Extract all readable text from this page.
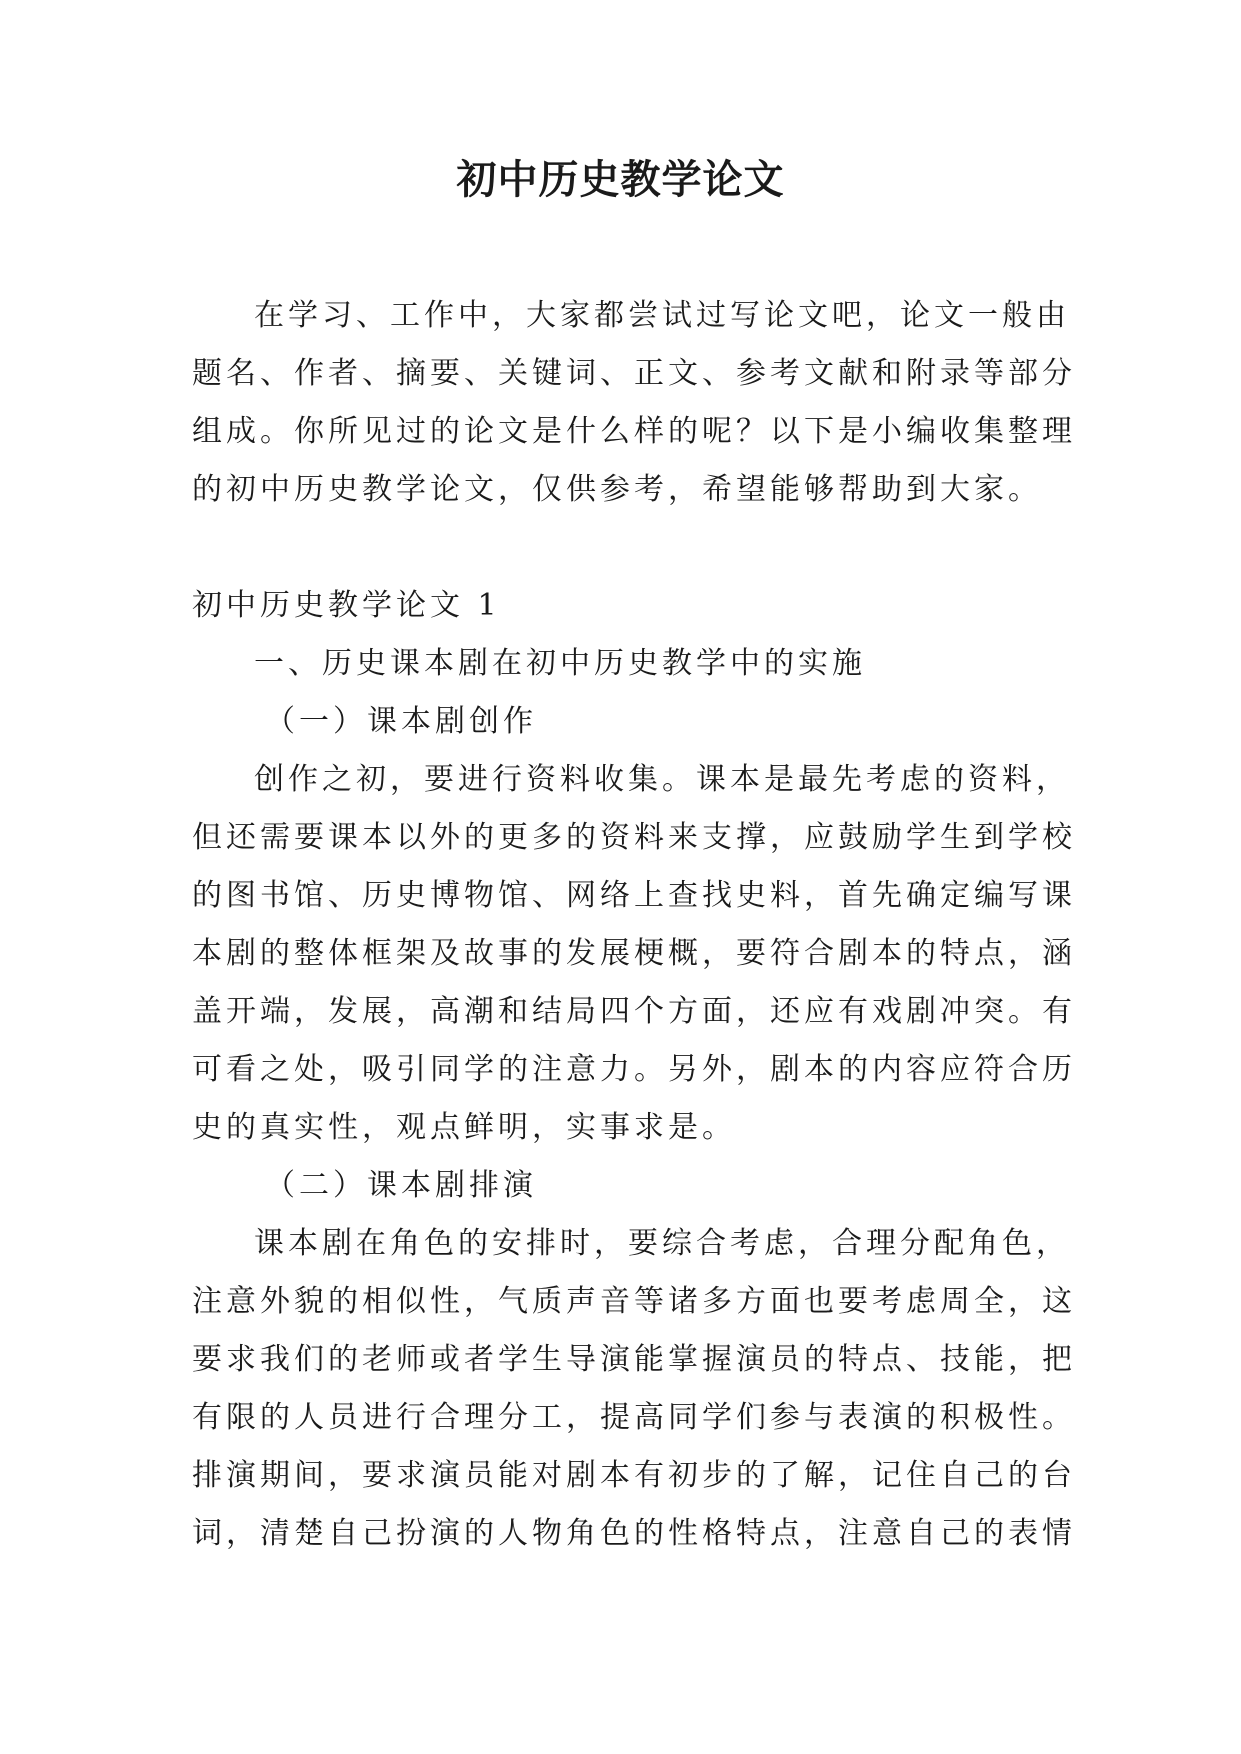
初中历史教学论文
在学习、工作中，大家都尝试过写论文吧，论文一般由
题名、作者、摘要、关键词、正文、参考文献和附录等部分
组成。你所见过的论文是什么样的呢？以下是小编收集整理
的初中历史教学论文，仅供参考，希望能够帮助到大家。
初中历史教学论文 1
一、历史课本剧在初中历史教学中的实施
（一）课本剧创作
创作之初，要进行资料收集。课本是最先考虑的资料，
但还需要课本以外的更多的资料来支撑，应鼓励学生到学校
的图书馆、历史博物馆、网络上查找史料，首先确定编写课
本剧的整体框架及故事的发展梗概，要符合剧本的特点，涵
盖开端，发展，高潮和结局四个方面，还应有戏剧冲突。有
可看之处，吸引同学的注意力。另外，剧本的内容应符合历
史的真实性，观点鲜明，实事求是。
（二）课本剧排演
课本剧在角色的安排时，要综合考虑，合理分配角色，
注意外貌的相似性，气质声音等诸多方面也要考虑周全，这
要求我们的老师或者学生导演能掌握演员的特点、技能，把
有限的人员进行合理分工，提高同学们参与表演的积极性。
排演期间，要求演员能对剧本有初步的了解，记住自己的台
词，清楚自己扮演的人物角色的性格特点，注意自己的表情
